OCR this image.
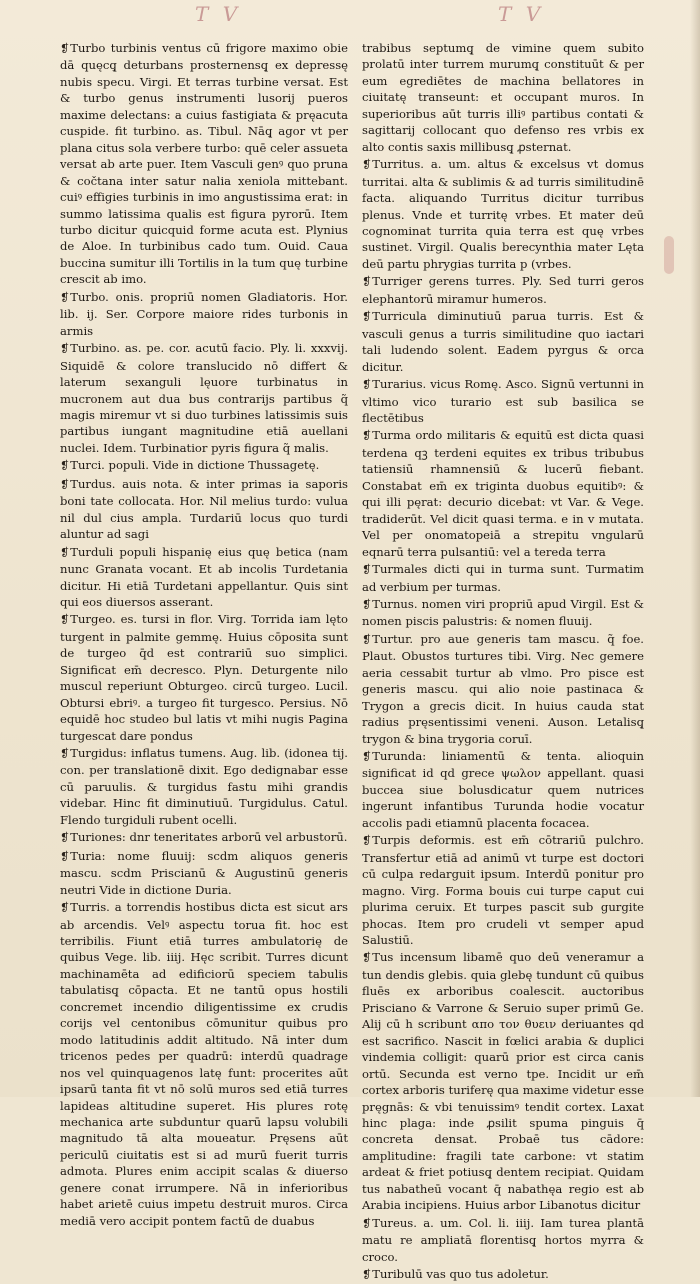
T V	T V

❡Turbo turbinis ventus cū frigore maximo obie dā quęcq̧ deturbans prosternensq̧ ex depressę nubis specu. Virgi. Et terras turbine versat. Est & turbo genus instrumenti lusorij pueros maxime delectans: a cuius fastigiata & pręacuta cuspide. fit turbino. as. Tibul. Nāq̧ agor vt per plana citus sola verbere turbo: quē celer assueta versat ab arte puer. Item Vasculi genꝰ quo pruna & cočtana inter satur nalia xeniola mittebant. cuiꝰ effigies turbinis in imo angustissima erat: in summo latissima qualis est figura pyrorū. Item turbo dicitur quicquid forme acuta est. Plynius de Aloe. In turbinibus cado tum. Ouid. Caua buccina sumitur illi Tortilis in la tum quę turbine crescit ab imo.

❡Turbo. onis. propriū nomen Gladiatoris. Hor. lib. ij. Ser. Corpore maiore rides turbonis in armis

❡Turbino. as. pe. cor. acutū facio. Ply. li. xxxvij. Siquidē & colore translucido nō differt & laterum sexanguli lęuore turbinatus in mucronem aut dua bus contrarijs partibus q̃ magis miremur vt si duo turbines latissimis suis partibus iungant magnitudine etiā auellani nuclei. Idem. Turbinatior pyris figura q̃ malis.

❡Turci. populi. Vide in dictione Thussagetę.

❡Turdus. auis nota. & inter primas ia saporis boni tate collocata. Hor. Nil melius turdo: vulua nil dul cius ampla. Turdariū locus quo turdi aluntur ad sagi

❡Turduli populi hispanię eius quę betica (nam nunc Granata vocant. Et ab incolis Turdetania dicitur. Hi etiā Turdetani appellantur. Quis sint qui eos diuersos asserant.

❡Turgeo. es. tursi in flor. Virg. Torrida iam lęto turgent in palmite gemmę. Huius cōposita sunt de turgeo q̄d est contrariū suo simplici. Significat em̄ decresco. Plyn. Deturgente nilo muscul reperiunt Obturgeo. circū turgeo. Lucil. Obtursi ebriꝰ. a turgeo fit turgesco. Persius. Nō equidē hoc studeo bul latis vt mihi nugis Pagina turgescat dare pondus

❡Turgidus: inflatus tumens. Aug. lib. (idonea tij. con. per translationē dixit. Ego dedignabar esse cū paruulis. & turgidus fastu mihi grandis videbar. Hinc fit diminutiuū. Turgidulus. Catul. Flendo turgiduli rubent ocelli.

❡Turiones: dnr teneritates arborū vel arbustorū.

❡Turia: nome fluuij: scdm aliquos generis mascu. scdm Priscianū & Augustinū generis neutri Vide in dictione Duria.

❡Turris. a torrendis hostibus dicta est sicut ars ab arcendis. Velꝰ aspectu torua fit. hoc est terribilis. Fiunt etiā turres ambulatorię de quibus Vege. lib. iiij. Hęc scribit. Turres dicunt machinamēta ad edificiorū speciem tabulis tabulatisq̧ cōpacta. Et ne tantū opus hostili concremet incendio diligentissime ex crudis corijs vel centonibus cōmunitur quibus pro modo latitudinis addit altitudo. Nā inter dum tricenos pedes per quadrū: interdū quadrage nos vel quinquagenos latę funt: procerites aūt ipsarū tanta fit vt nō solū muros sed etiā turres lapideas altitudine superet. His plures rotę mechanica arte subduntur quarū lapsu volubili magnitudo tā alta moueatur. Pręsens aūt periculū ciuitatis est si ad murū fuerit turris admota. Plures enim accipit scalas & diuerso genere conat irrumpere. Nā in inferioribus habet arietē cuius impetu destruit muros. Circa mediā vero accipit pontem factū de duabus

trabibus septumq̧ de vimine quem subito prolatū inter turrem murumq̧ constituūt & per eum egrediētes de machina bellatores in ciuitatę transeunt: et occupant muros. In superioribus aūt turris illiꝰ partibus contati & sagittarij collocant quo defenso res vrbis ex alto contis saxis millibusq̧ ꝓsternat.

❡Turritus. a. um. altus & excelsus vt domus turritai. alta & sublimis & ad turris similitudinē facta. aliquando Turritus dicitur turribus plenus. Vnde et turritę vrbes. Et mater deū cognominat turrita quia terra est quę vrbes sustinet. Virgil. Qualis berecynthia mater Lęta deū partu phrygias turrita p (vrbes.

❡Turriger gerens turres. Ply. Sed turri geros elephantorū miramur humeros.

❡Turricula diminutiuū parua turris. Est & vasculi genus a turris similitudine quo iactari tali ludendo solent. Eadem pyrgus & orca dicitur.

❡Turarius. vicus Romę. Asco. Signū vertunni in vltimo vico turario est sub basilica se flectētibus

❡Turma ordo militaris & equitū est dicta quasi terdena qꝫ terdeni equites ex tribus tribubus tatiensiū rhamnensiū & lucerū fiebant. Constabat em̄ ex triginta duobus equitibꝰ: & qui illi pęrat: decurio dicebat: vt Var. & Vege. tradiderūt. Vel dicit quasi terma. e in v mutata. Vel per onomatopeiā a strepitu vngularū eqnarū terra pulsantiū: vel a tereda terra

❡Turmales dicti qui in turma sunt. Turmatim ad verbium per turmas.

❡Turnus. nomen viri propriū apud Virgil. Est & nomen piscis palustris: & nomen fluuij.

❡Turtur. pro aue generis tam mascu. q̃ foe. Plaut. Obustos turtures tibi. Virg. Nec gemere aeria cessabit turtur ab vlmo. Pro pisce est generis mascu. qui alio noie pastinaca & Trygon a grecis dicit. In huius cauda stat radius pręsentissimi veneni. Auson. Letalisq̧ trygon & bina trygoria coruī.

❡Turunda: liniamentū & tenta. alioquin significat id qd grece ψωλον appellant. quasi buccea siue bolusdicatur quem nutrices ingerunt infantibus Turunda hodie vocatur accolis padi etiamnū placenta focacea.

❡Turpis deformis. est em̄ cōtrariū pulchro. Transfertur etiā ad animū vt turpe est doctori cū culpa redarguit ipsum. Interdū ponitur pro magno. Virg. Forma bouis cui turpe caput cui plurima ceruix. Et turpes pascit sub gurgite phocas. Item pro crudeli vt semper apud Salustiū.

❡Tus incensum libamē quo deū veneramur a tun dendis glebis. quia glebę tundunt cū quibus fluēs ex arboribus coalescit. auctoribus Prisciano & Varrone & Seruio super primū Ge. Alij cū h scribunt απο τον θυειν deriuantes qd est sacrifico. Nascit in fœlici arabia & duplici vindemia colligit: quarū prior est circa canis ortū. Secunda est verno tpe. Incidit ur em̄ cortex arboris turiferę qua maxime videtur esse pręgnās: & vbi tenuissimꝰ tendit cortex. Laxat hinc plaga: inde ꝓsilit spuma pinguis q̄ concreta densat. Probaē tus cādore: amplitudine: fragili tate carbone: vt statim ardeat & friet potiusq̧ dentem recipiat. Quidam tus nabatheū vocant q̄ nabathęa regio est ab Arabia incipiens. Huius arbor Libanotus dicitur

❡Tureus. a. um. Col. li. iiij. Iam turea plantā matu re ampliatā florentisq̧ hortos myrra & croco.

❡Turibulū vas quo tus adoletur.
